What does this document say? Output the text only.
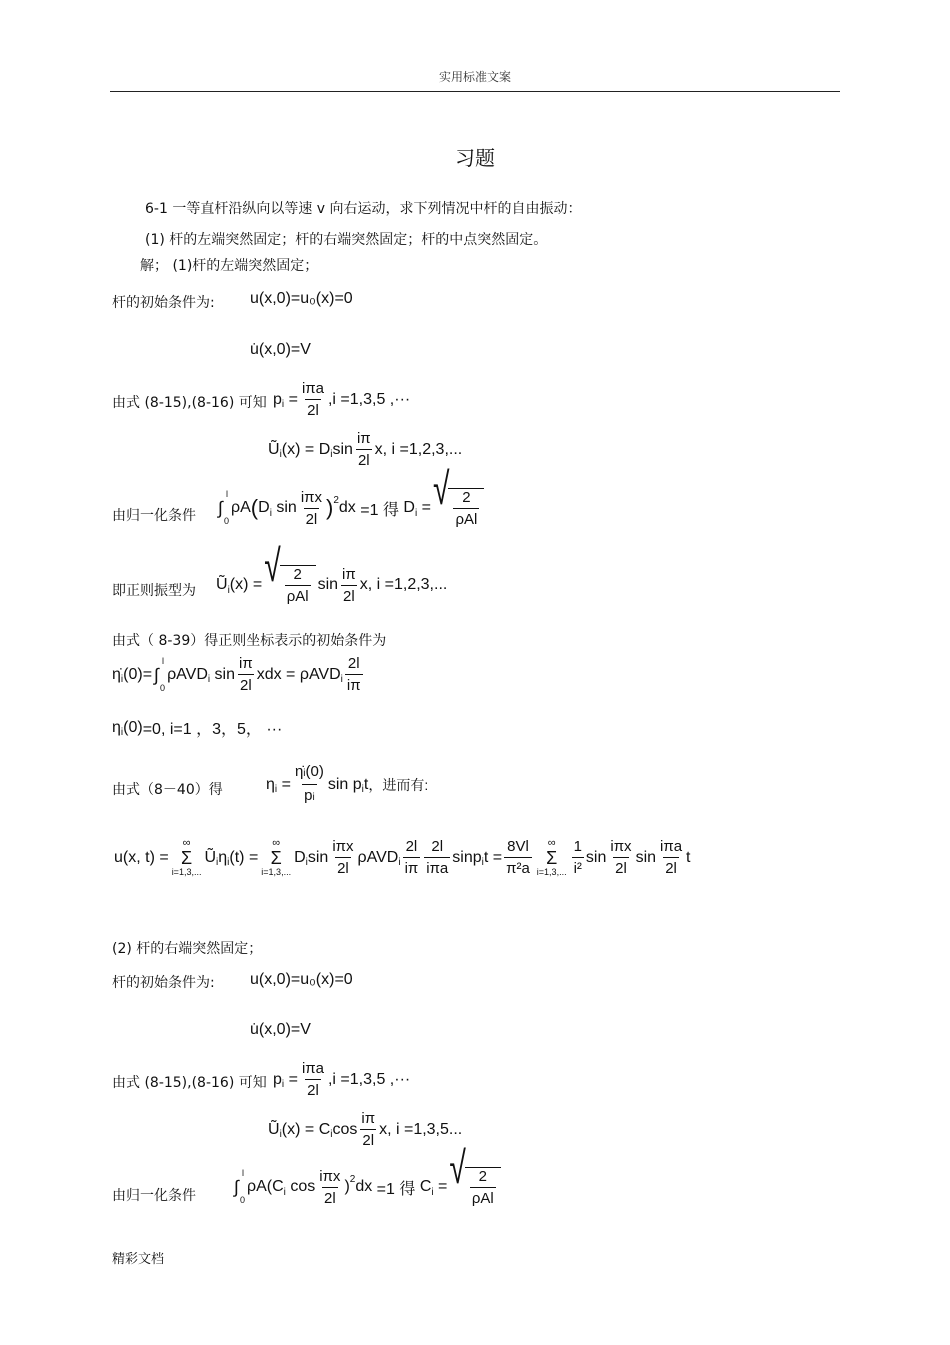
实用标准文案
习题
6-1 一等直杆沿纵向以等速 v 向右运动，求下列情况中杆的自由振动：
(1) 杆的左端突然固定；杆的右端突然固定；杆的中点突然固定。
解； (1)杆的左端突然固定；
杆的初始条件为: u(x,0)=u₀(x)=0
u̇(x,0)=V
由式 (8-15),(8-16) 可知 p $i = \frac{\text{iπa}}{2l} ,i =1,3,5$ ,···
Ũ i (x) = D i $\sin \frac{i\pi}{2l} x$, i =1,2,3,...
由归一化条件
l
∫
0
ρA ( D i $\sin \frac{\text{iπx}}{2l}$ ) 2 dx =1 得 D i = √ $\frac{2}{\text{ρAl}}$
即正则振型为 Ũ i (x) = √ $\frac{2}{\text{ρAl}}$ $\sin \frac{i\pi}{2l} x$, i =1,2,3,...
由式（ 8-39）得正则坐标表示的初始条件为
η̇ i (0)=
l
∫
0
ρAVD i $\sin \frac{i\pi}{2l}$ xdx = ρAVD i $\frac{2l}{i\pi}$
η i (0) =0, i=1 ，3，5， ···
由式（8－40）得	η $i = \frac{\etȧi(0)}{pi}$ sin p i t ，进而有:
u(x, t) =
∞
Σ
i=1,3,...
Ũ i η i (t) =
∞
Σ
i=1,3,...
D i $\sin \frac{\text{iπx}}{2l}$ ρAVD i $\frac{2l}{i\pi} \frac{2l}{\text{iπa}}$ sinp i $t = \frac{8Vl}{\text{π²a}}$ ∞
Σ
i=1,3,... $\frac{1}{\text{i²}}$ $\sin \frac{\text{iπx}}{2l}$ $\sin \frac{\text{iπa}}{2l}$ t
(2) 杆的右端突然固定；
杆的初始条件为: u(x,0)=u₀(x)=0
u̇(x,0)=V
由式 (8-15),(8-16) 可知 p $i = \frac{\text{iπa}}{2l} ,i =1,3,5$ ,···
Ũ i (x) = C i $\cos \frac{i\pi}{2l} x$, i =1,3,5...
由归一化条件
l
∫
0
ρA(C i $\cos \frac{\text{iπx}}{2l}$ ) 2 dx =1 得 C i = √ $\frac{2}{\text{ρAl}}$
精彩文档
